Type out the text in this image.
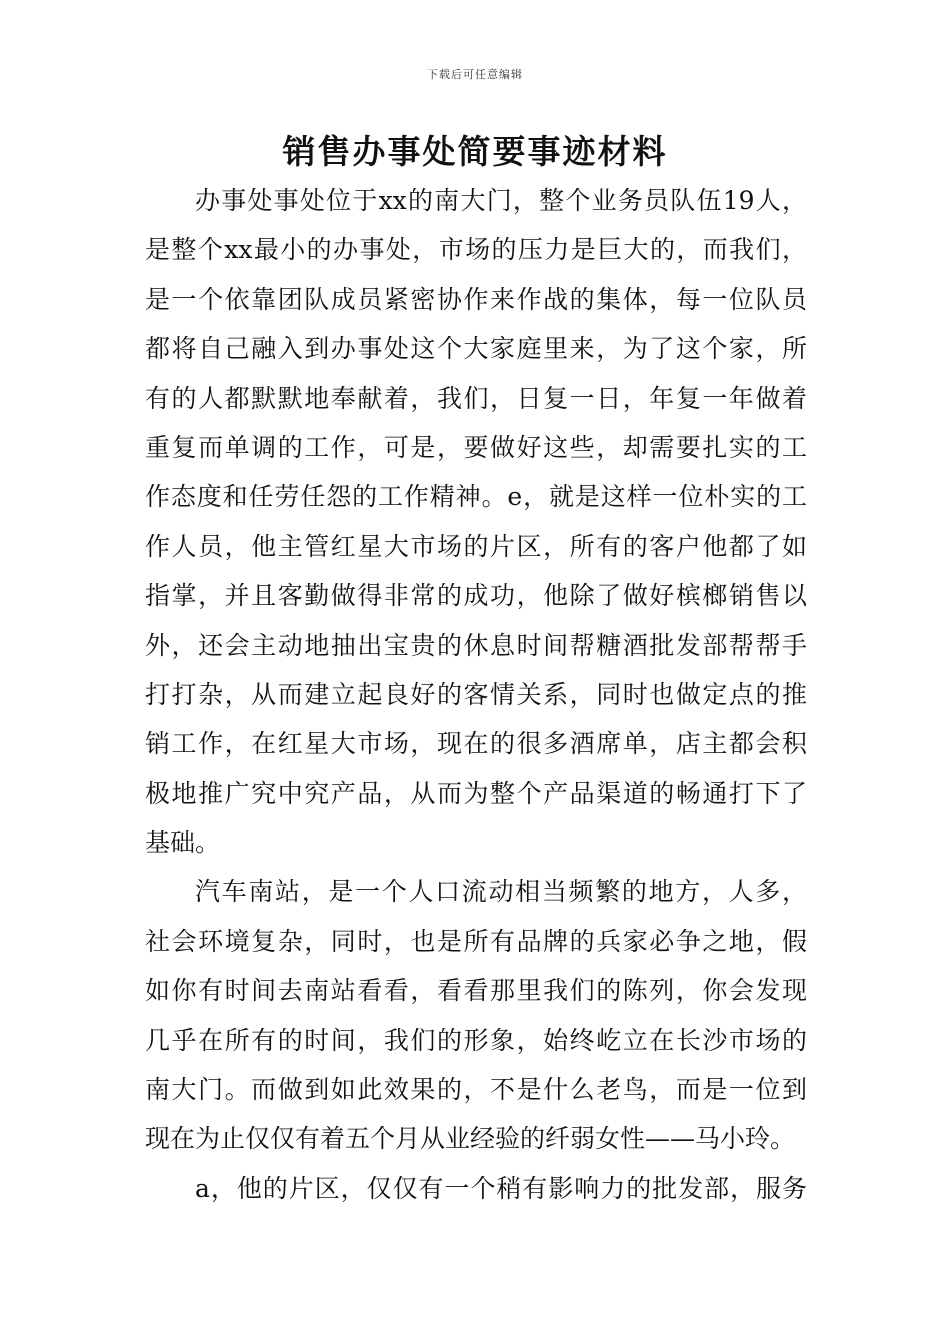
下载后可任意编辑
销售办事处简要事迹材料
办事处事处位于xx的南大门，整个业务员队伍19人，
是整个xx最小的办事处，市场的压力是巨大的，而我们，
是一个依靠团队成员紧密协作来作战的集体，每一位队员
都将自己融入到办事处这个大家庭里来，为了这个家，所
有的人都默默地奉献着，我们，日复一日，年复一年做着
重复而单调的工作，可是，要做好这些，却需要扎实的工
作态度和任劳任怨的工作精神。e，就是这样一位朴实的工
作人员，他主管红星大市场的片区，所有的客户他都了如
指掌，并且客勤做得非常的成功，他除了做好槟榔销售以
外，还会主动地抽出宝贵的休息时间帮糖酒批发部帮帮手
打打杂，从而建立起良好的客情关系，同时也做定点的推
销工作，在红星大市场，现在的很多酒席单，店主都会积
极地推广究中究产品，从而为整个产品渠道的畅通打下了
基础。
汽车南站，是一个人口流动相当频繁的地方，人多，
社会环境复杂，同时，也是所有品牌的兵家必争之地，假
如你有时间去南站看看，看看那里我们的陈列，你会发现
几乎在所有的时间，我们的形象，始终屹立在长沙市场的
南大门。而做到如此效果的，不是什么老鸟，而是一位到
现在为止仅仅有着五个月从业经验的纤弱女性——马小玲。
a，他的片区，仅仅有一个稍有影响力的批发部，服务
